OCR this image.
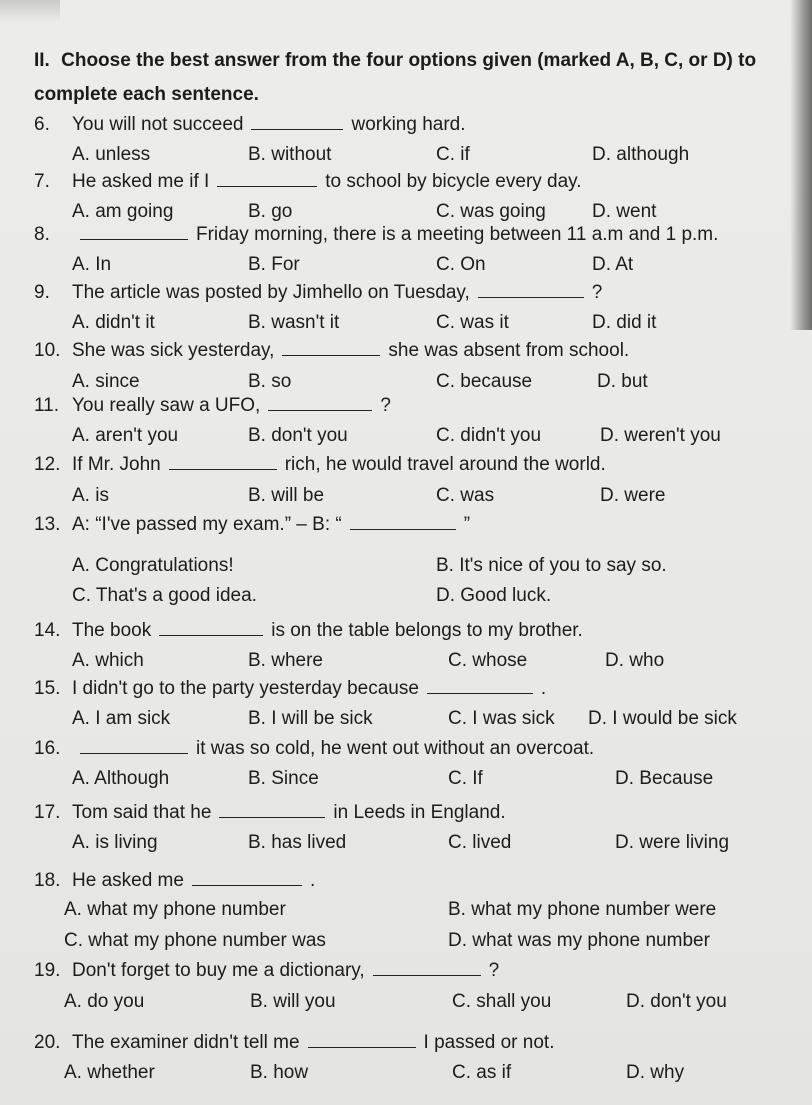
II. Choose the best answer from the four options given (marked A, B, C, or D) to complete each sentence.
6. You will not succeed	working hard.
A. unless	B. without	C. if	D. although
7. He asked me if I	to school by bicycle every day.
A. am going	B. go	C. was going D. went
8.	Friday morning, there is a meeting between 11 a.m and 1 p.m.
A. In	B. For	C. On	D. At
9. The article was posted by Jimhello on Tuesday,	?
A. didn't it	B. wasn't it	C. was it	D. did it
10. She was sick yesterday,	she was absent from school.
A. since	B. so	C. because	D. but
11. You really saw a UFO,	?
A. aren't you	B. don't you	C. didn't you	D. weren't you
12. If Mr. John	rich, he would travel around the world.
A. is	B. will be	C. was	D. were
13. A: “I've passed my exam.” – B: “	”
A. Congratulations!	B. It's nice of you to say so.
C. That's a good idea.	D. Good luck.
14. The book	is on the table belongs to my brother.
A. which	B. where	C. whose	D. who
15. I didn't go to the party yesterday because	.
A. I am sick	B. I will be sick	C. I was sick D. I would be sick
16.	it was so cold, he went out without an overcoat.
A. Although	B. Since	C. If	D. Because
17. Tom said that he	in Leeds in England.
A. is living	B. has lived	C. lived	D. were living
18. He asked me	.
A. what my phone number	B. what my phone number were
C. what my phone number was	D. what was my phone number
19. Don't forget to buy me a dictionary,	?
A. do you	B. will you	C. shall you	D. don't you
20. The examiner didn't tell me	I passed or not.
A. whether	B. how	C. as if	D. why
